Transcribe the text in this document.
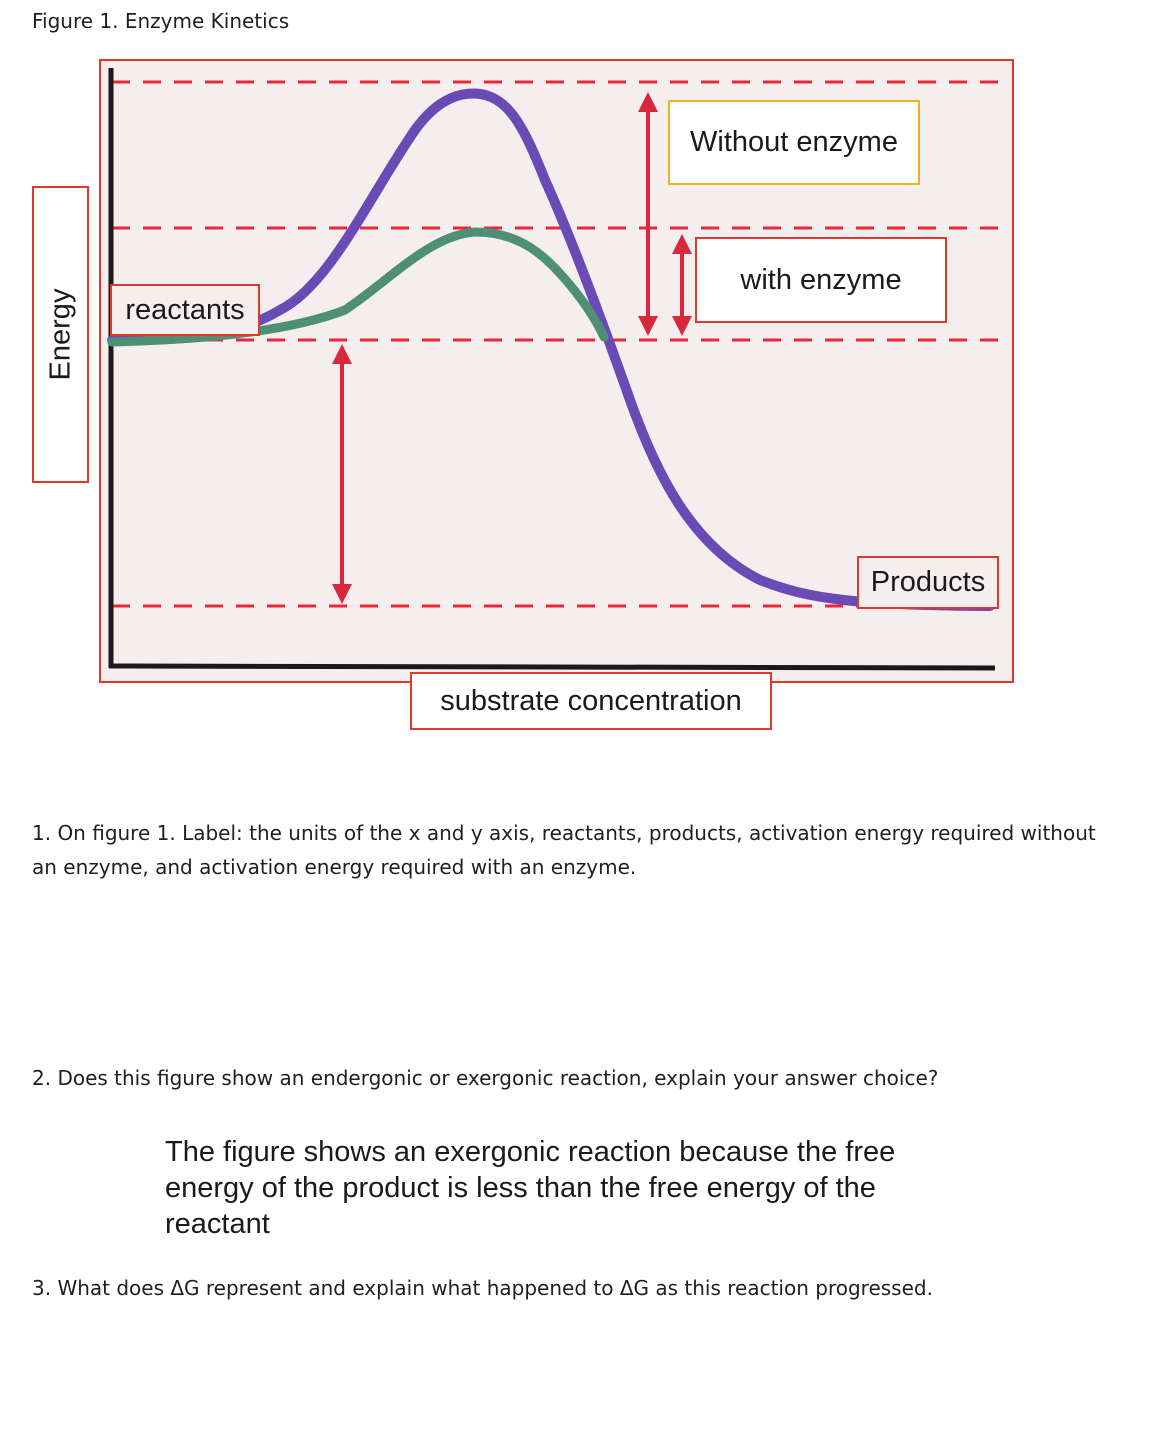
Figure 1. Enzyme Kinetics
reactants
Without enzyme
with enzyme
Products
substrate concentration
Energy
1. On figure 1. Label: the units of the x and y axis, reactants, products, activation energy required without an enzyme, and activation energy required with an enzyme.
2. Does this figure show an endergonic or exergonic reaction, explain your answer choice?
The figure shows an exergonic reaction because the free energy of the product is less than the free energy of the reactant
3. What does ΔG represent and explain what happened to ΔG as this reaction progressed.
